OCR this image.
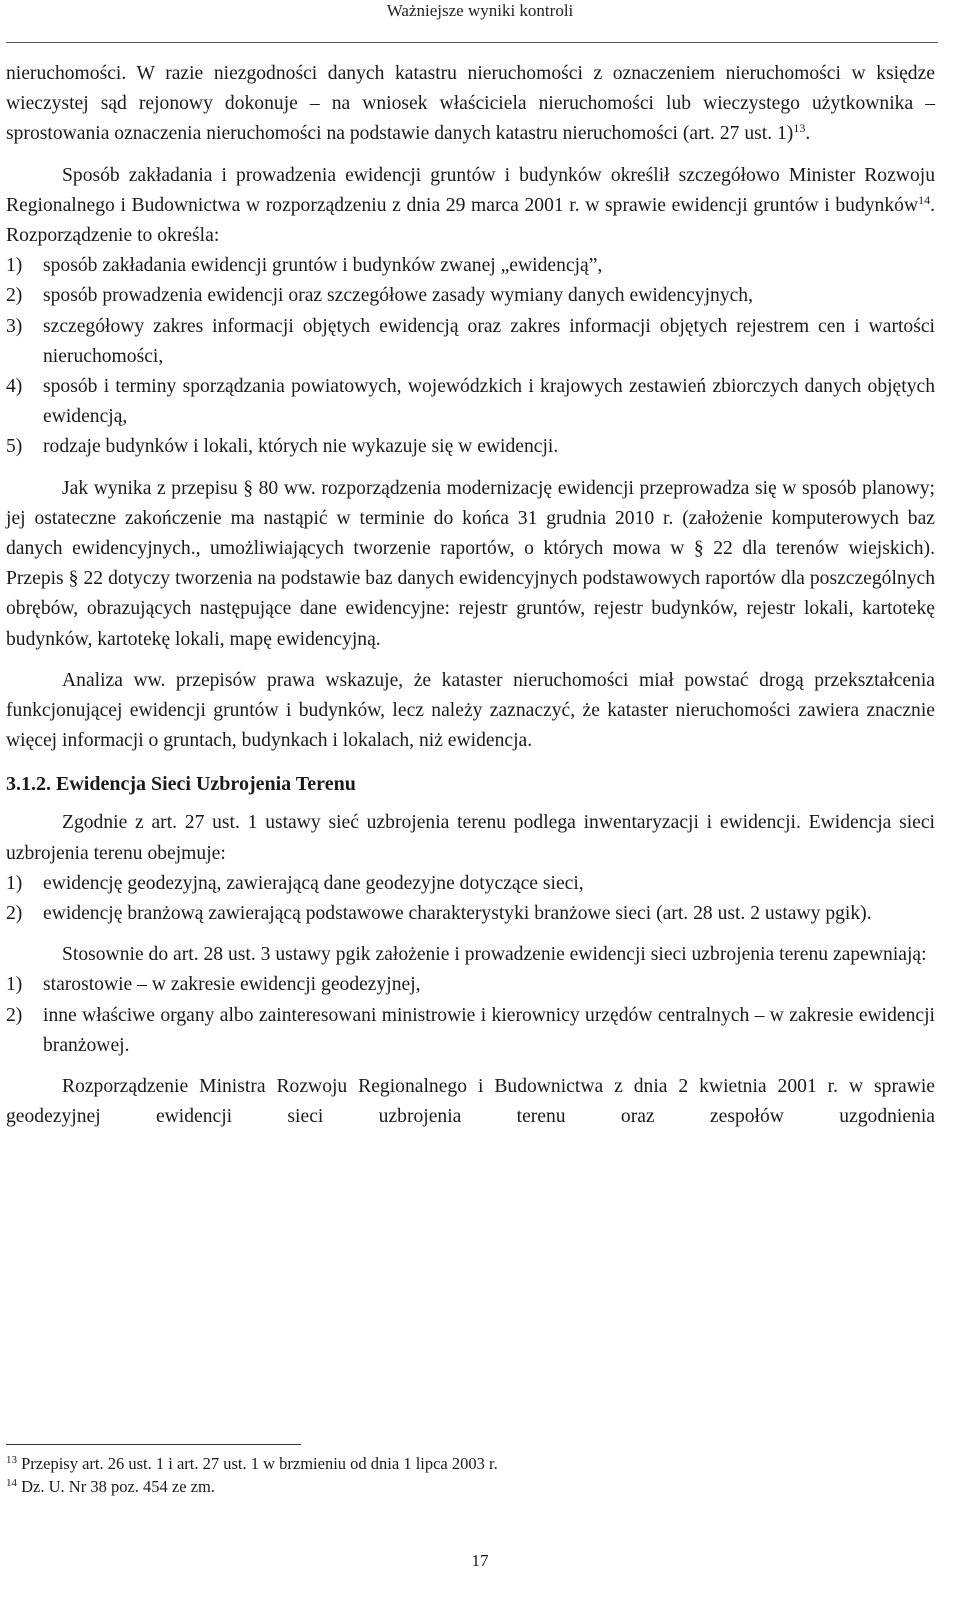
Ważniejsze wyniki kontroli

nieruchomości. W razie niezgodności danych katastru nieruchomości z oznaczeniem nieruchomości w księdze wieczystej sąd rejonowy dokonuje – na wniosek właściciela nieruchomości lub wieczystego użytkownika – sprostowania oznaczenia nieruchomości na podstawie danych katastru nieruchomości (art. 27 ust. 1)$^{13}$.

Sposób zakładania i prowadzenia ewidencji gruntów i budynków określił szczegółowo Minister Rozwoju Regionalnego i Budownictwa w rozporządzeniu z dnia 29 marca 2001 r. w sprawie ewidencji gruntów i budynków$^{14}$. Rozporządzenie to określa:

1) sposób zakładania ewidencji gruntów i budynków zwanej „ewidencją”,
2) sposób prowadzenia ewidencji oraz szczegółowe zasady wymiany danych ewidencyjnych,
3) szczegółowy zakres informacji objętych ewidencją oraz zakres informacji objętych rejestrem cen i wartości nieruchomości,
4) sposób i terminy sporządzania powiatowych, wojewódzkich i krajowych zestawień zbiorczych danych objętych ewidencją,
5) rodzaje budynków i lokali, których nie wykazuje się w ewidencji.

Jak wynika z przepisu § 80 ww. rozporządzenia modernizację ewidencji przeprowadza się w sposób planowy; jej ostateczne zakończenie ma nastąpić w terminie do końca 31 grudnia 2010 r. (założenie komputerowych baz danych ewidencyjnych., umożliwiających tworzenie raportów, o których mowa w § 22 dla terenów wiejskich). Przepis § 22 dotyczy tworzenia na podstawie baz danych ewidencyjnych podstawowych raportów dla poszczególnych obrębów, obrazujących następujące dane ewidencyjne: rejestr gruntów, rejestr budynków, rejestr lokali, kartotekę budynków, kartotekę lokali, mapę ewidencyjną.

Analiza ww. przepisów prawa wskazuje, że kataster nieruchomości miał powstać drogą przekształcenia funkcjonującej ewidencji gruntów i budynków, lecz należy zaznaczyć, że kataster nieruchomości zawiera znacznie więcej informacji o gruntach, budynkach i lokalach, niż ewidencja.

3.1.2. Ewidencja Sieci Uzbrojenia Terenu

Zgodnie z art. 27 ust. 1 ustawy sieć uzbrojenia terenu podlega inwentaryzacji i ewidencji. Ewidencja sieci uzbrojenia terenu obejmuje:

1) ewidencję geodezyjną, zawierającą dane geodezyjne dotyczące sieci,
2) ewidencję branżową zawierającą podstawowe charakterystyki branżowe sieci (art. 28 ust. 2 ustawy pgik).

Stosownie do art. 28 ust. 3 ustawy pgik założenie i prowadzenie ewidencji sieci uzbrojenia terenu zapewniają:

1) starostowie – w zakresie ewidencji geodezyjnej,
2) inne właściwe organy albo zainteresowani ministrowie i kierownicy urzędów centralnych – w zakresie ewidencji branżowej.

Rozporządzenie Ministra Rozwoju Regionalnego i Budownictwa z dnia 2 kwietnia 2001 r. w sprawie geodezyjnej ewidencji sieci uzbrojenia terenu oraz zespołów uzgodnienia

$^{13}$ Przepisy art. 26 ust. 1 i art. 27 ust. 1 w brzmieniu od dnia 1 lipca 2003 r.
$^{14}$ Dz. U. Nr 38 poz. 454 ze zm.
17
